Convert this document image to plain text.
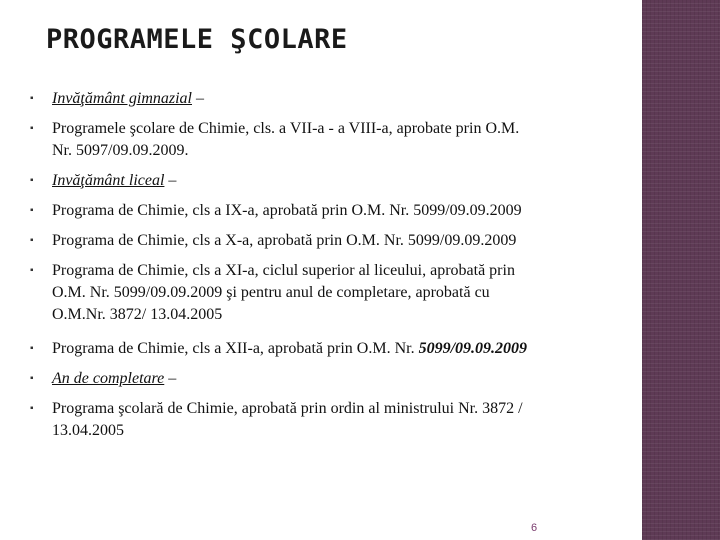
PROGRAMELE ŞCOLARE
▪ Invăţământ gimnazial –
▪ Programele şcolare de Chimie, cls. a VII-a - a VIII-a, aprobate prin O.M.
Nr. 5097/09.09.2009.
▪ Invăţământ liceal –
▪ Programa de Chimie, cls a IX-a, aprobată prin O.M. Nr. 5099/09.09.2009
▪ Programa de Chimie, cls a X-a, aprobată prin O.M. Nr. 5099/09.09.2009
▪ Programa de Chimie, cls a XI-a, ciclul superior al liceului, aprobată prin
O.M. Nr. 5099/09.09.2009 şi pentru anul de completare, aprobată cu
O.M.Nr. 3872/ 13.04.2005
▪ Programa de Chimie, cls a XII-a, aprobată prin O.M. Nr. 5099/09.09.2009
▪ An de completare –
▪ Programa şcolară de Chimie, aprobată prin ordin al ministrului Nr. 3872 /
13.04.2005
6
